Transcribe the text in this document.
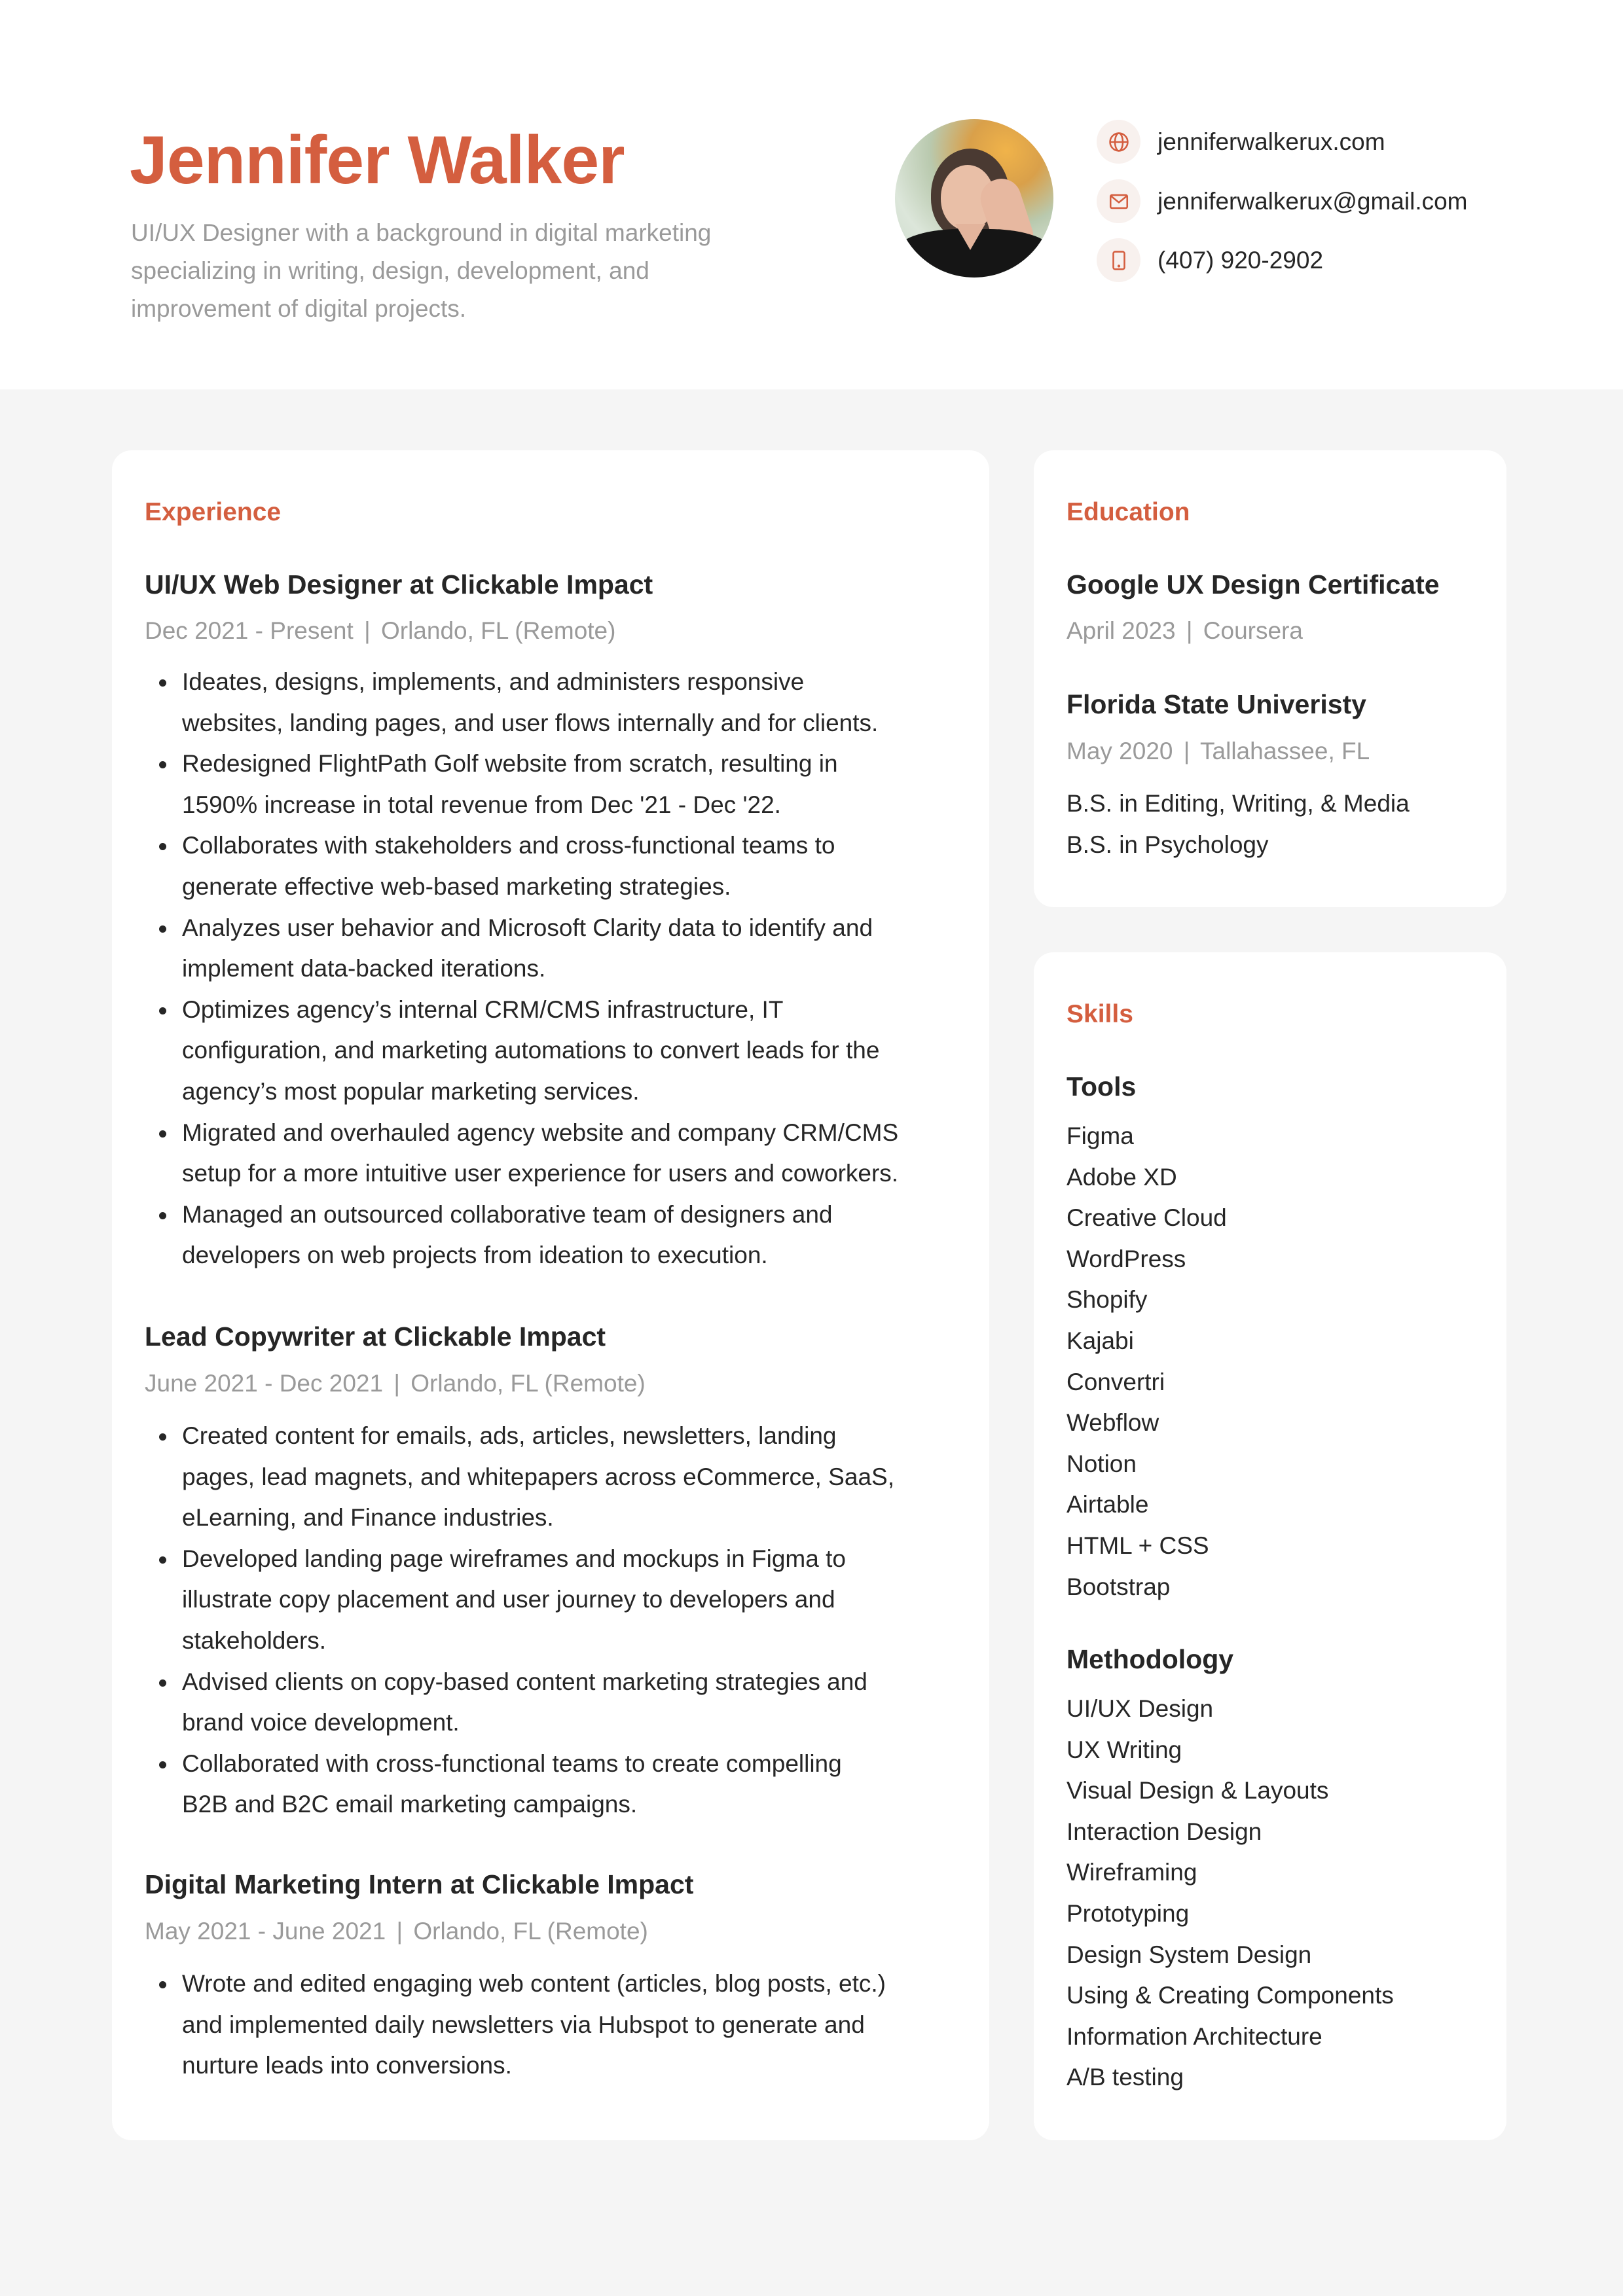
Jennifer Walker
UI/UX Designer with a background in digital marketing
specializing in writing, design, development, and
improvement of digital projects.
jenniferwalkerux.com
jenniferwalkerux@gmail.com
(407) 920-2902
Experience
UI/UX Web Designer at Clickable Impact
Dec 2021 - Present | Orlando, FL (Remote)
Ideates, designs, implements, and administers responsive
websites, landing pages, and user flows internally and for clients.
Redesigned FlightPath Golf website from scratch, resulting in
1590% increase in total revenue from Dec '21 - Dec '22.
Collaborates with stakeholders and cross-functional teams to
generate effective web-based marketing strategies.
Analyzes user behavior and Microsoft Clarity data to identify and
implement data-backed iterations.
Optimizes agency’s internal CRM/CMS infrastructure, IT
configuration, and marketing automations to convert leads for the
agency’s most popular marketing services.
Migrated and overhauled agency website and company CRM/CMS
setup for a more intuitive user experience for users and coworkers.
Managed an outsourced collaborative team of designers and
developers on web projects from ideation to execution.
Lead Copywriter at Clickable Impact
June 2021 - Dec 2021 | Orlando, FL (Remote)
Created content for emails, ads, articles, newsletters, landing
pages, lead magnets, and whitepapers across eCommerce, SaaS,
eLearning, and Finance industries.
Developed landing page wireframes and mockups in Figma to
illustrate copy placement and user journey to developers and
stakeholders.
Advised clients on copy-based content marketing strategies and
brand voice development.
Collaborated with cross-functional teams to create compelling
B2B and B2C email marketing campaigns.
Digital Marketing Intern at Clickable Impact
May 2021 - June 2021 | Orlando, FL (Remote)
Wrote and edited engaging web content (articles, blog posts, etc.)
and implemented daily newsletters via Hubspot to generate and
nurture leads into conversions.
Education
Google UX Design Certificate
April 2023 | Coursera
Florida State Univeristy
May 2020 | Tallahassee, FL
B.S. in Editing, Writing, & Media
B.S. in Psychology
Skills
Tools
Figma
Adobe XD
Creative Cloud
WordPress
Shopify
Kajabi
Convertri
Webflow
Notion
Airtable
HTML + CSS
Bootstrap
Methodology
UI/UX Design
UX Writing
Visual Design & Layouts
Interaction Design
Wireframing
Prototyping
Design System Design
Using & Creating Components
Information Architecture
A/B testing
